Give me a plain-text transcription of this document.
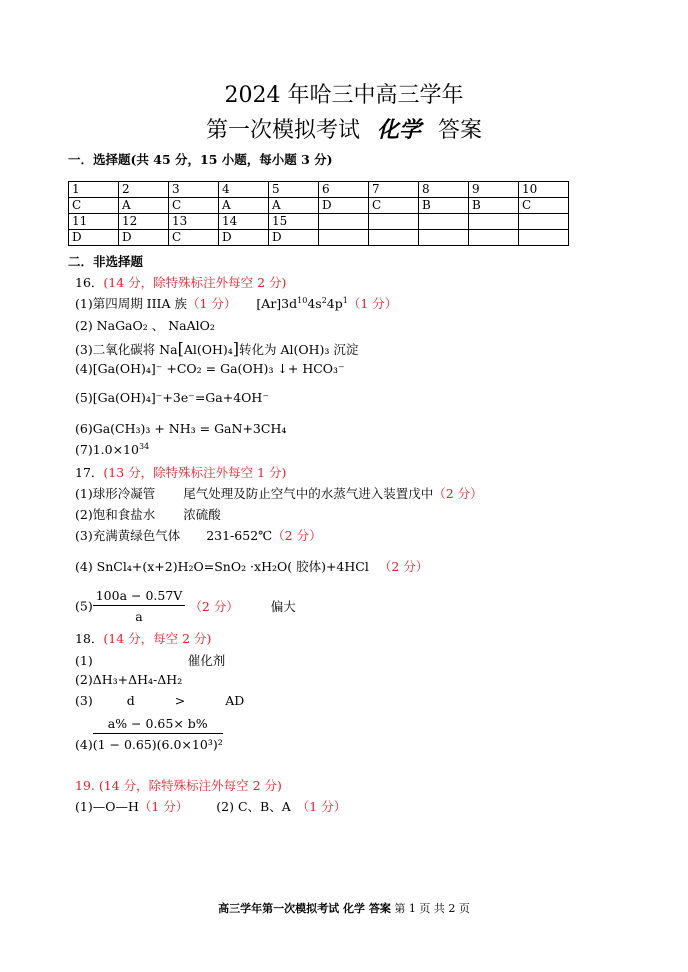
2024 年哈三中高三学年
第一次模拟考试 化学 答案
一．选择题(共 45 分，15 小题，每小题 3 分)
1	2	3	4	5	6	7	8	9	10
C	A	C	A	A	D	C	B	B	C
11	12	13	14	15					
D	D	C	D	D					
二．非选择题
16．(14 分，除特殊标注外每空 2 分)
(1)第四周期 IIIA 族（1 分） $[Ar]3d^{10}4s^24p^1(1$ 分）
(2) NaGaO₂ 、 NaAlO₂
(3)二氧化碳将 Na[Al(OH)₄]转化为 Al(OH)₃ 沉淀
(4)[Ga(OH)₄]⁻ +CO₂ = Ga(OH)₃ ↓+ HCO₃⁻
(5)[Ga(OH)₄]⁻+3e⁻=Ga+4OH⁻
(6)Ga(CH₃)₃ + NH₃ = GaN+3CH₄
$(7)1.0\times 10^{34}$
17．(13 分，除特殊标注外每空 1 分)
(1)球形冷凝管 尾气处理及防止空气中的水蒸气进入装置戊中（2 分）
(2)饱和食盐水 浓硫酸
(3)充满黄绿色气体 231-652℃（2 分）
(4) SnCl₄+(x+2)H₂O=SnO₂ ·xH₂O( 胶体)+4HCl （2 分）
$(5) \frac{100a - 0.57V}{a} (2$ 分）	偏大
18．(14 分，每空 2 分)
(1)	催化剂
(2)ΔH₃+ΔH₄-ΔH₂
(3)	d	>	AD
$(4) \frac{a\% - 0.65\times b\%}{\text{(1 − 0.65)(6.0×10³)²}}$
19. (14 分，除特殊标注外每空 2 分)
(1)—O—H（1 分） (2) C、B、A （1 分）
高三学年第一次模拟考试 化学 答案 第 1 页 共 2 页
